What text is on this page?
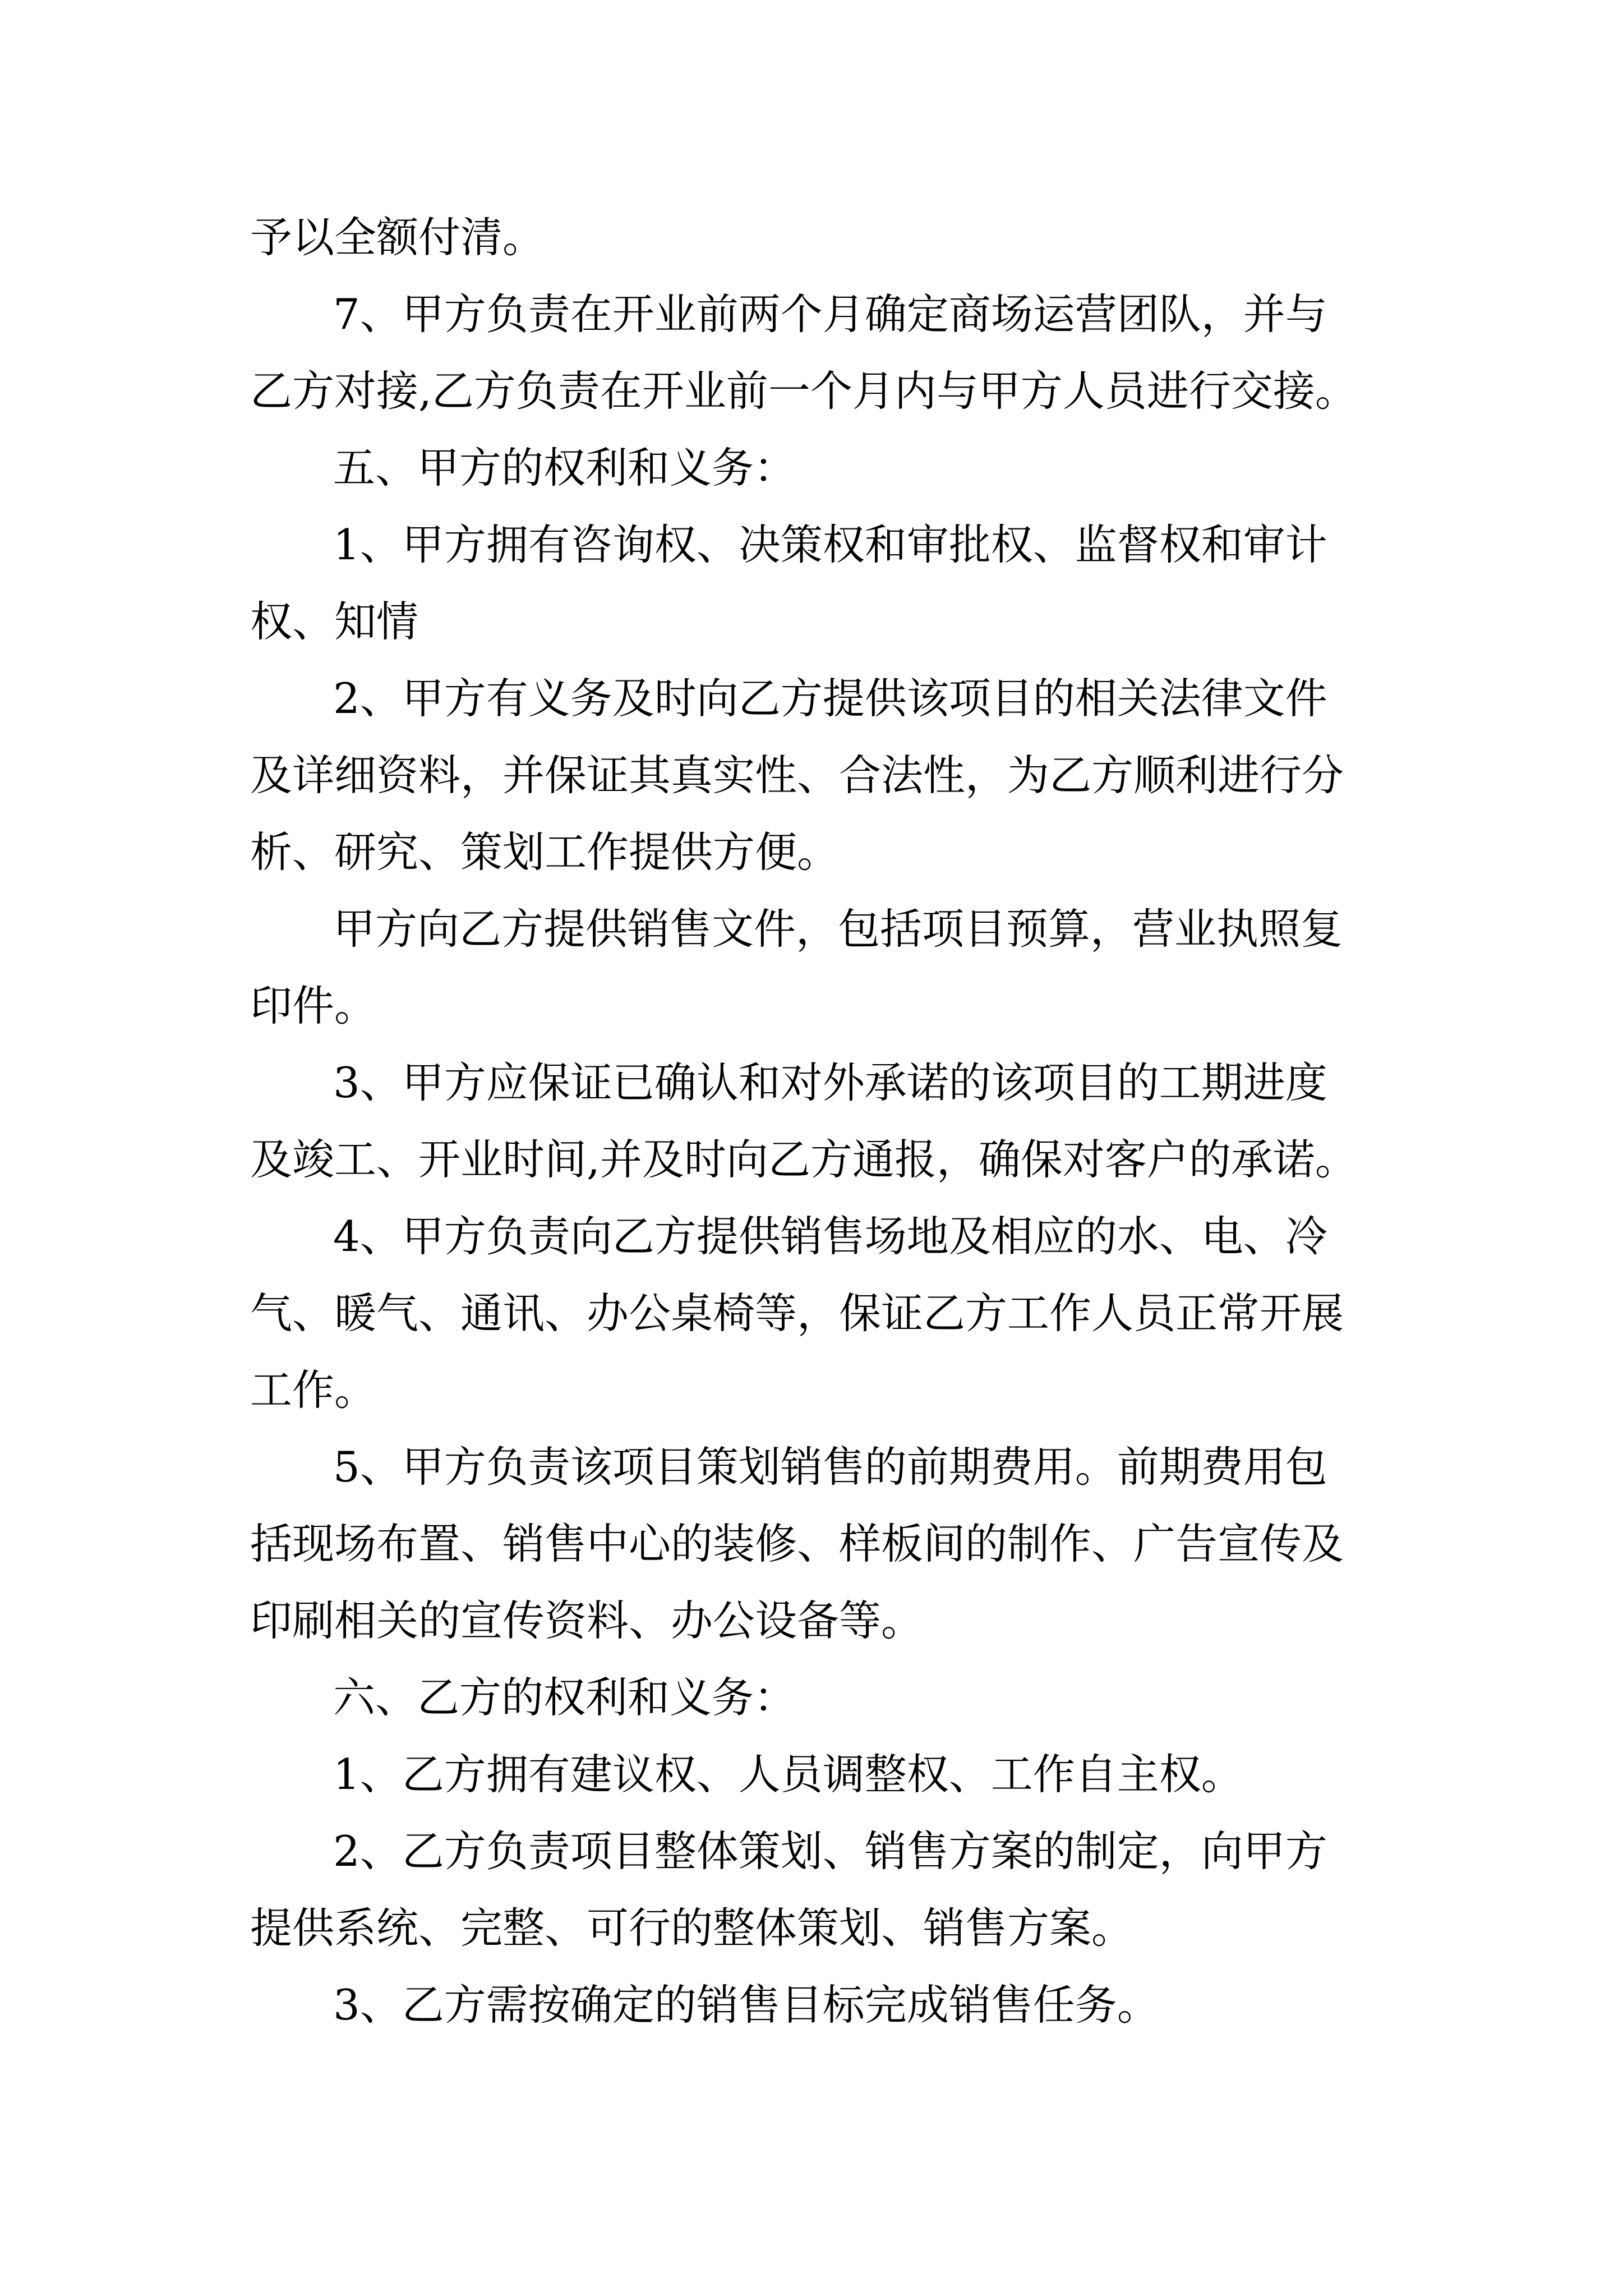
予以全额付清。
7、甲方负责在开业前两个月确定商场运营团队，并与
乙方对接,乙方负责在开业前一个月内与甲方人员进行交接。
五、甲方的权利和义务：
1、甲方拥有咨询权、决策权和审批权、监督权和审计
权、知情
2、甲方有义务及时向乙方提供该项目的相关法律文件
及详细资料，并保证其真实性、合法性，为乙方顺利进行分
析、研究、策划工作提供方便。
甲方向乙方提供销售文件，包括项目预算，营业执照复
印件。
3、甲方应保证已确认和对外承诺的该项目的工期进度
及竣工、开业时间,并及时向乙方通报，确保对客户的承诺。
4、甲方负责向乙方提供销售场地及相应的水、电、冷
气、暖气、通讯、办公桌椅等，保证乙方工作人员正常开展
工作。
5、甲方负责该项目策划销售的前期费用。前期费用包
括现场布置、销售中心的装修、样板间的制作、广告宣传及
印刷相关的宣传资料、办公设备等。
六、乙方的权利和义务：
1、乙方拥有建议权、人员调整权、工作自主权。
2、乙方负责项目整体策划、销售方案的制定，向甲方
提供系统、完整、可行的整体策划、销售方案。
3、乙方需按确定的销售目标完成销售任务。
